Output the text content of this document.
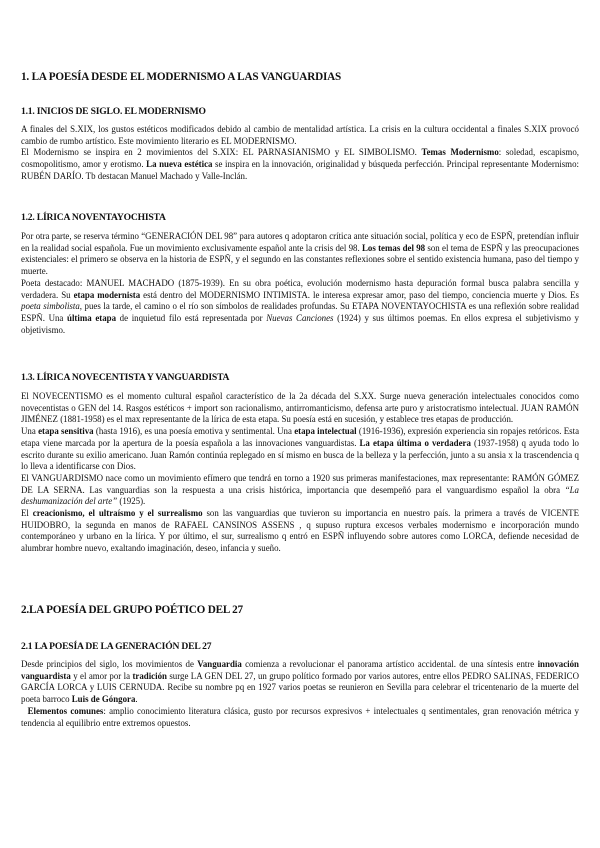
1. LA POESÍA DESDE EL MODERNISMO A LAS VANGUARDIAS
1.1. INICIOS DE SIGLO. EL MODERNISMO

A finales del S.XIX, los gustos estéticos modificados debido al cambio de mentalidad artística. La crisis en la cultura occidental a finales S.XIX provocó cambio de rumbo artístico. Este movimiento literario es EL MODERNISMO.

El Modernismo se inspira en 2 movimientos del S.XIX: EL PARNASIANISMO y EL SIMBOLISMO. Temas Modernismo: soledad, escapismo, cosmopolitismo, amor y erotismo. La nueva estética se inspira en la innovación, originalidad y búsqueda perfección. Principal representante Modernismo: RUBÉN DARÍO. Tb destacan Manuel Machado y Valle-Inclán.

1.2. LÍRICA NOVENTAYOCHISTA

Por otra parte, se reserva término “GENERACIÓN DEL 98” para autores q adoptaron crítica ante situación social, política y eco de ESPÑ, pretendían influir en la realidad social española. Fue un movimiento exclusivamente español ante la crisis del 98. Los temas del 98 son el tema de ESPÑ y las preocupaciones existenciales: el primero se observa en la historia de ESPÑ, y el segundo en las constantes reflexiones sobre el sentido existencia humana, paso del tiempo y muerte.

Poeta destacado: MANUEL MACHADO (1875-1939). En su obra poética, evolución modernismo hasta depuración formal busca palabra sencilla y verdadera. Su etapa modernista está dentro del MODERNISMO INTIMISTA. le interesa expresar amor, paso del tiempo, conciencia muerte y Dios. Es poeta simbolista, pues la tarde, el camino o el río son símbolos de realidades profundas. Su ETAPA NOVENTAYOCHISTA es una reflexión sobre realidad ESPÑ. Una última etapa de inquietud filo está representada por Nuevas Canciones (1924) y sus últimos poemas. En ellos expresa el subjetivismo y objetivismo.

1.3. LÍRICA NOVECENTISTA Y VANGUARDISTA

El NOVECENTISMO es el momento cultural español característico de la 2a década del S.XX. Surge nueva generación intelectuales conocidos como novecentistas o GEN del 14. Rasgos estéticos + import son racionalismo, antirromanticismo, defensa arte puro y aristocratismo intelectual. JUAN RAMÓN JIMÉNEZ (1881-1958) es el max representante de la lírica de esta etapa. Su poesía está en sucesión, y establece tres etapas de producción.

Una etapa sensitiva (hasta 1916), es una poesía emotiva y sentimental. Una etapa intelectual (1916-1936), expresión experiencia sin ropajes retóricos. Esta etapa viene marcada por la apertura de la poesía española a las innovaciones vanguardistas. La etapa última o verdadera (1937-1958) q ayuda todo lo escrito durante su exilio americano. Juan Ramón continúa replegado en sí mismo en busca de la belleza y la perfección, junto a su ansia x la trascendencia q lo lleva a identificarse con Dios.

El VANGUARDISMO nace como un movimiento efímero que tendrá en torno a 1920 sus primeras manifestaciones, max representante: RAMÓN GÓMEZ DE LA SERNA. Las vanguardias son la respuesta a una crisis histórica, importancia que desempeñó para el vanguardismo español la obra “La deshumanización del arte” (1925).

El creacionismo, el ultraísmo y el surrealismo son las vanguardias que tuvieron su importancia en nuestro país. la primera a través de VICENTE HUIDOBRO, la segunda en manos de RAFAEL CANSINOS ASSENS , q supuso ruptura excesos verbales modernismo e incorporación mundo contemporáneo y urbano en la lírica. Y por último, el sur, surrealismo q entró en ESPÑ influyendo sobre autores como LORCA, defiende necesidad de alumbrar hombre nuevo, exaltando imaginación, deseo, infancia y sueño.

2.LA POESÍA DEL GRUPO POÉTICO DEL 27
2.1 LA POESÍA DE LA GENERACIÓN DEL 27

Desde principios del siglo, los movimientos de Vanguardia comienza a revolucionar el panorama artístico accidental. de una síntesis entre innovación vanguardista y el amor por la tradición surge LA GEN DEL 27, un grupo político formado por varios autores, entre ellos PEDRO SALINAS, FEDERICO GARCÍA LORCA y LUIS CERNUDA. Recibe su nombre pq en 1927 varios poetas se reunieron en Sevilla para celebrar el tricentenario de la muerte del poeta barroco Luis de Góngora.

Elementos comunes: amplio conocimiento literatura clásica, gusto por recursos expresivos + intelectuales q sentimentales, gran renovación métrica y tendencia al equilibrio entre extremos opuestos.
